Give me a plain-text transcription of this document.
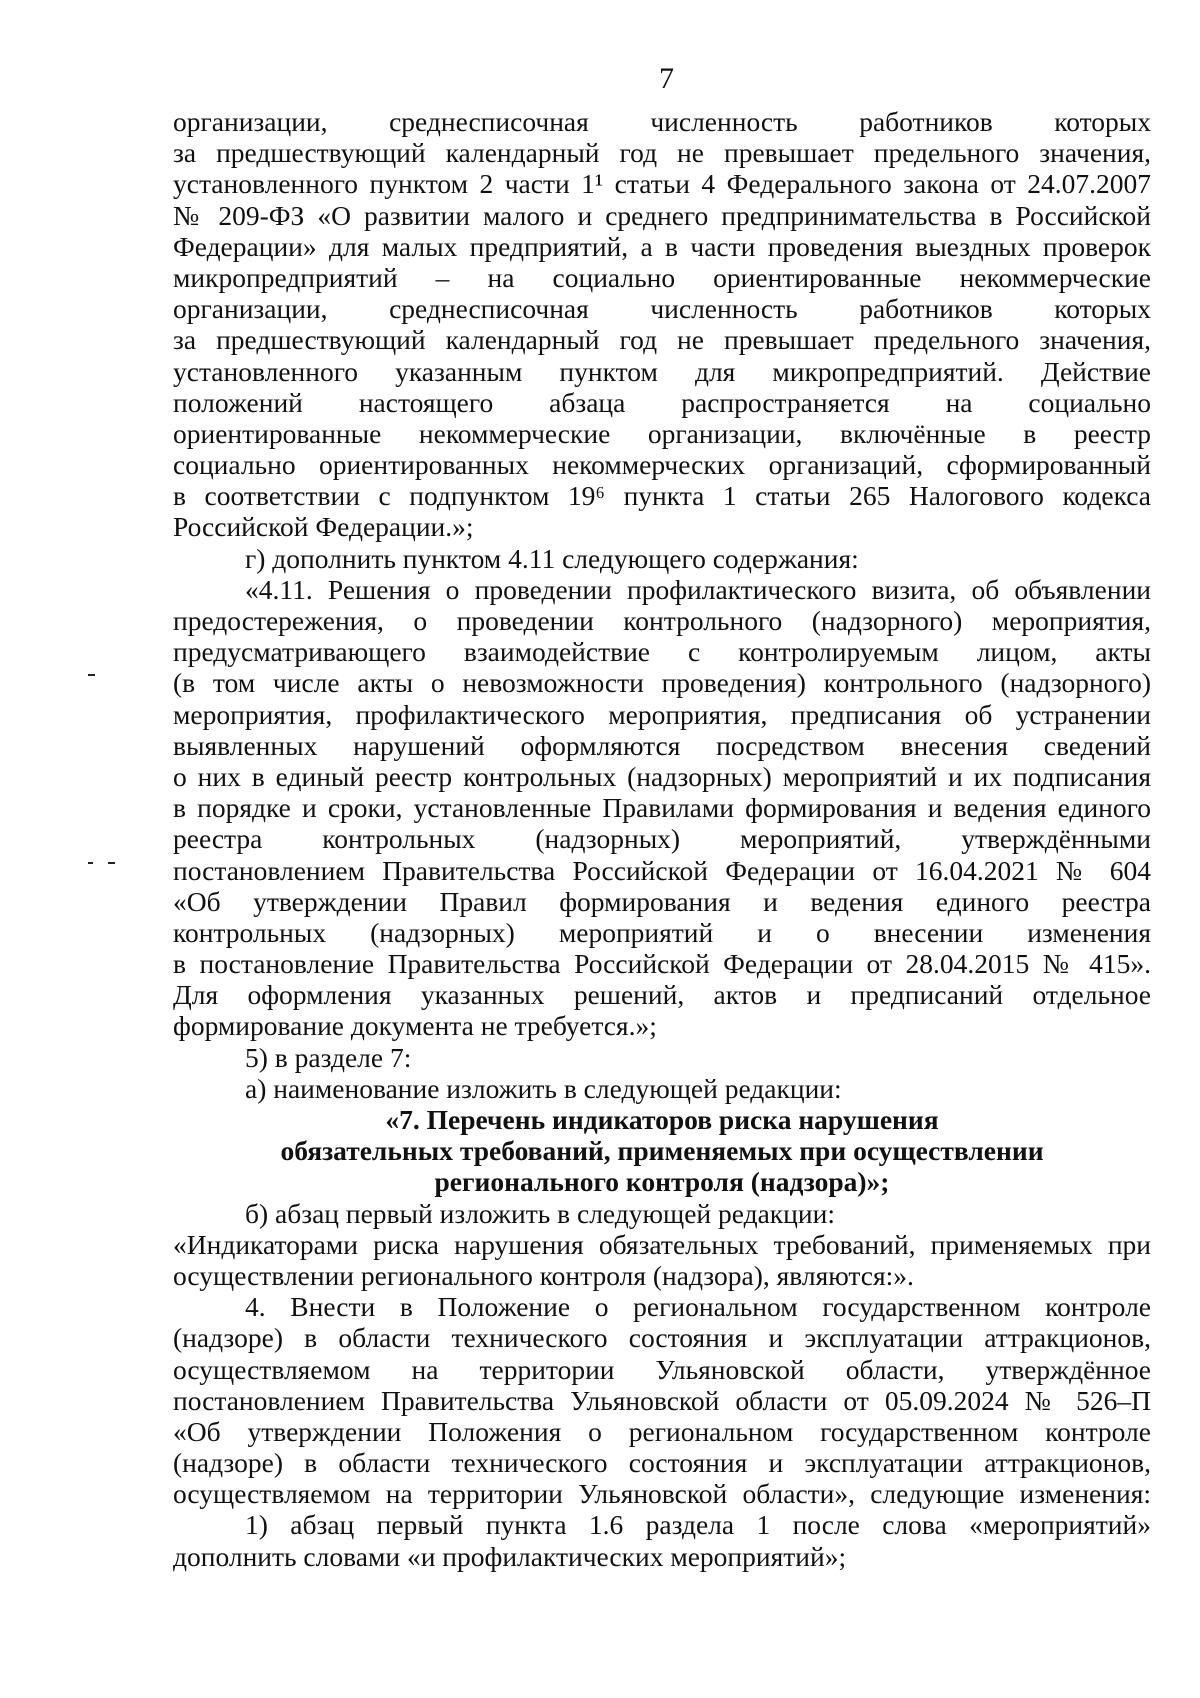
7
организации, среднесписочная численность работников которых
за предшествующий календарный год не превышает предельного значения,
установленного пунктом 2 части 1¹ статьи 4 Федерального закона от 24.07.2007
№ 209-ФЗ «О развитии малого и среднего предпринимательства в Российской
Федерации» для малых предприятий, а в части проведения выездных проверок
микропредприятий – на социально ориентированные некоммерческие
организации, среднесписочная численность работников которых
за предшествующий календарный год не превышает предельного значения,
установленного указанным пунктом для микропредприятий. Действие
положений настоящего абзаца распространяется на социально
ориентированные некоммерческие организации, включённые в реестр
социально ориентированных некоммерческих организаций, сформированный
в соответствии с подпунктом 19⁶ пункта 1 статьи 265 Налогового кодекса
Российской Федерации.»;
г) дополнить пунктом 4.11 следующего содержания:
«4.11. Решения о проведении профилактического визита, об объявлении
предостережения, о проведении контрольного (надзорного) мероприятия,
предусматривающего взаимодействие с контролируемым лицом, акты
(в том числе акты о невозможности проведения) контрольного (надзорного)
мероприятия, профилактического мероприятия, предписания об устранении
выявленных нарушений оформляются посредством внесения сведений
о них в единый реестр контрольных (надзорных) мероприятий и их подписания
в порядке и сроки, установленные Правилами формирования и ведения единого
реестра контрольных (надзорных) мероприятий, утверждёнными
постановлением Правительства Российской Федерации от 16.04.2021 № 604
«Об утверждении Правил формирования и ведения единого реестра
контрольных (надзорных) мероприятий и о внесении изменения
в постановление Правительства Российской Федерации от 28.04.2015 № 415».
Для оформления указанных решений, актов и предписаний отдельное
формирование документа не требуется.»;
5) в разделе 7:
а) наименование изложить в следующей редакции:
«7. Перечень индикаторов риска нарушения
обязательных требований, применяемых при осуществлении
регионального контроля (надзора)»;
б) абзац первый изложить в следующей редакции:
«Индикаторами риска нарушения обязательных требований, применяемых при
осуществлении регионального контроля (надзора), являются:».
4. Внести в Положение о региональном государственном контроле
(надзоре) в области технического состояния и эксплуатации аттракционов,
осуществляемом на территории Ульяновской области, утверждённое
постановлением Правительства Ульяновской области от 05.09.2024 № 526–П
«Об утверждении Положения о региональном государственном контроле
(надзоре) в области технического состояния и эксплуатации аттракционов,
осуществляемом на территории Ульяновской области», следующие изменения:
1) абзац первый пункта 1.6 раздела 1 после слова «мероприятий»
дополнить словами «и профилактических мероприятий»;
